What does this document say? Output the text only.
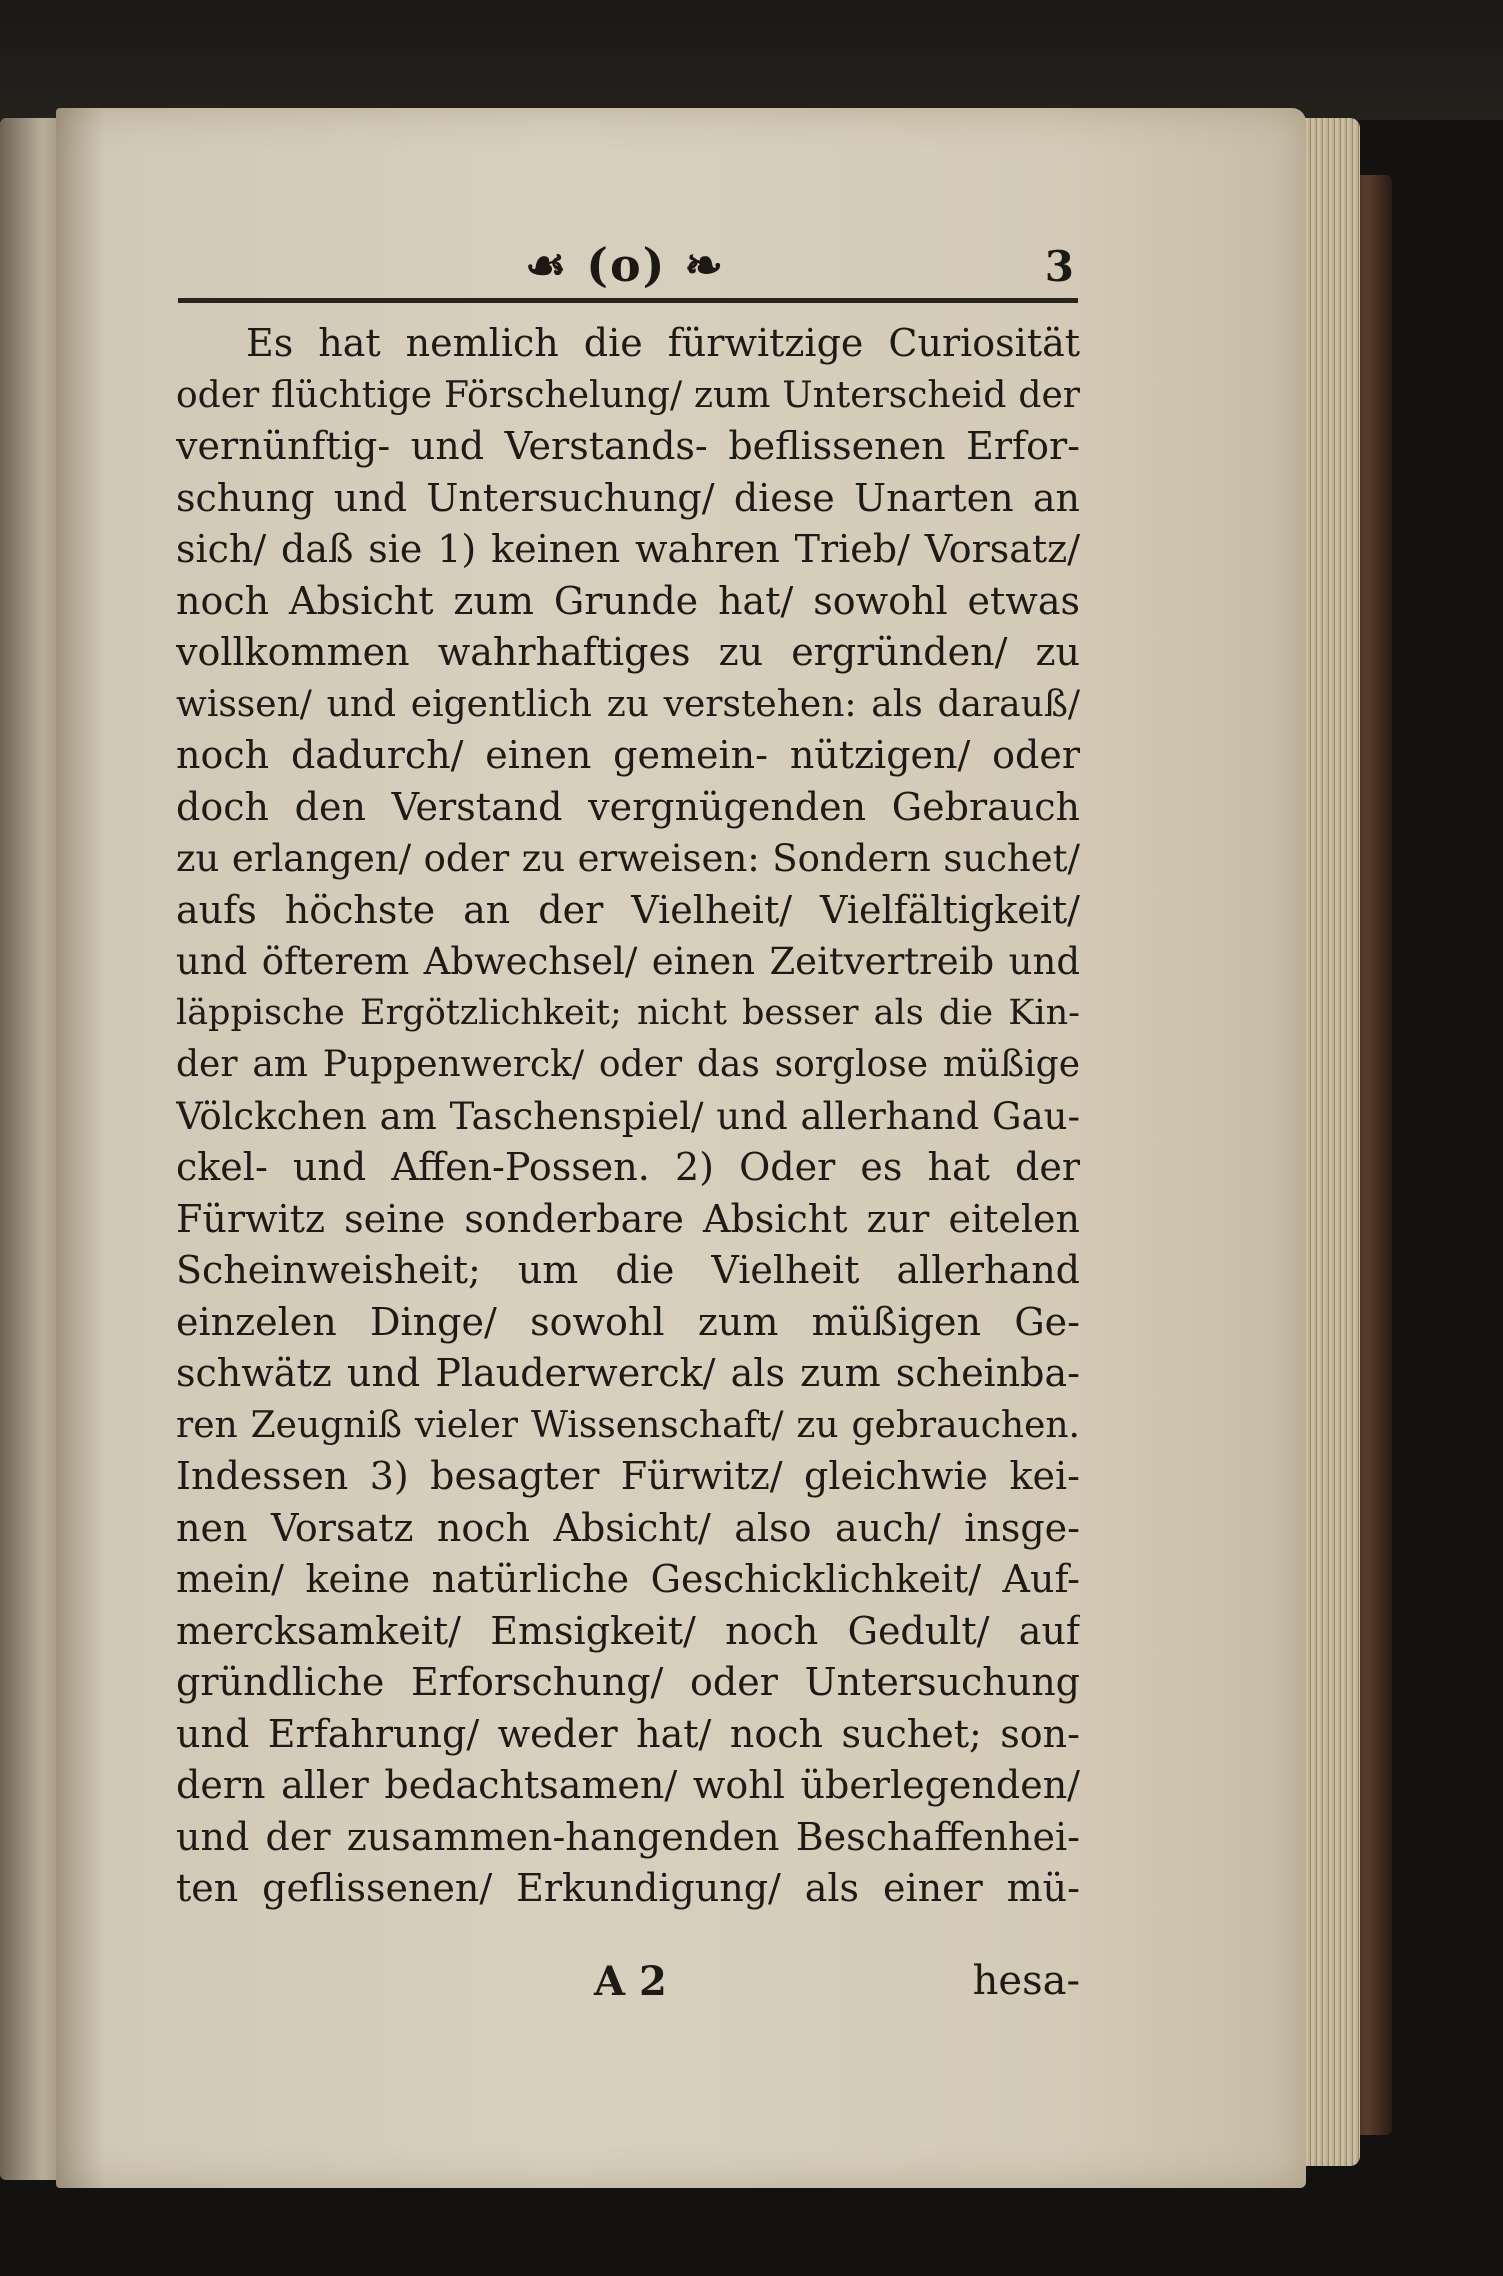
☙ (o) ❧	3
Es hat nemlich die fürwitzige Curiosität
oder flüchtige Förschelung/ zum Unterscheid der
vernünftig- und Verstands- beflissenen Erfor-
schung und Untersuchung/ diese Unarten an
sich/ daß sie 1) keinen wahren Trieb/ Vorsatz/
noch Absicht zum Grunde hat/ sowohl etwas
vollkommen wahrhaftiges zu ergründen/ zu
wissen/ und eigentlich zu verstehen: als darauß/
noch dadurch/ einen gemein- nützigen/ oder
doch den Verstand vergnügenden Gebrauch
zu erlangen/ oder zu erweisen: Sondern suchet/
aufs höchste an der Vielheit/ Vielfältigkeit/
und öfterem Abwechsel/ einen Zeitvertreib und
läppische Ergötzlichkeit; nicht besser als die Kin-
der am Puppenwerck/ oder das sorglose müßige
Völckchen am Taschenspiel/ und allerhand Gau-
ckel- und Affen-Possen. 2) Oder es hat der
Fürwitz seine sonderbare Absicht zur eitelen
Scheinweisheit; um die Vielheit allerhand
einzelen Dinge/ sowohl zum müßigen Ge-
schwätz und Plauderwerck/ als zum scheinba-
ren Zeugniß vieler Wissenschaft/ zu gebrauchen.
Indessen 3) besagter Fürwitz/ gleichwie kei-
nen Vorsatz noch Absicht/ also auch/ insge-
mein/ keine natürliche Geschicklichkeit/ Auf-
mercksamkeit/ Emsigkeit/ noch Gedult/ auf
gründliche Erforschung/ oder Untersuchung
und Erfahrung/ weder hat/ noch suchet; son-
dern aller bedachtsamen/ wohl überlegenden/
und der zusammen-hangenden Beschaffenhei-
ten geflissenen/ Erkundigung/ als einer mü-
A 2	hesa-
